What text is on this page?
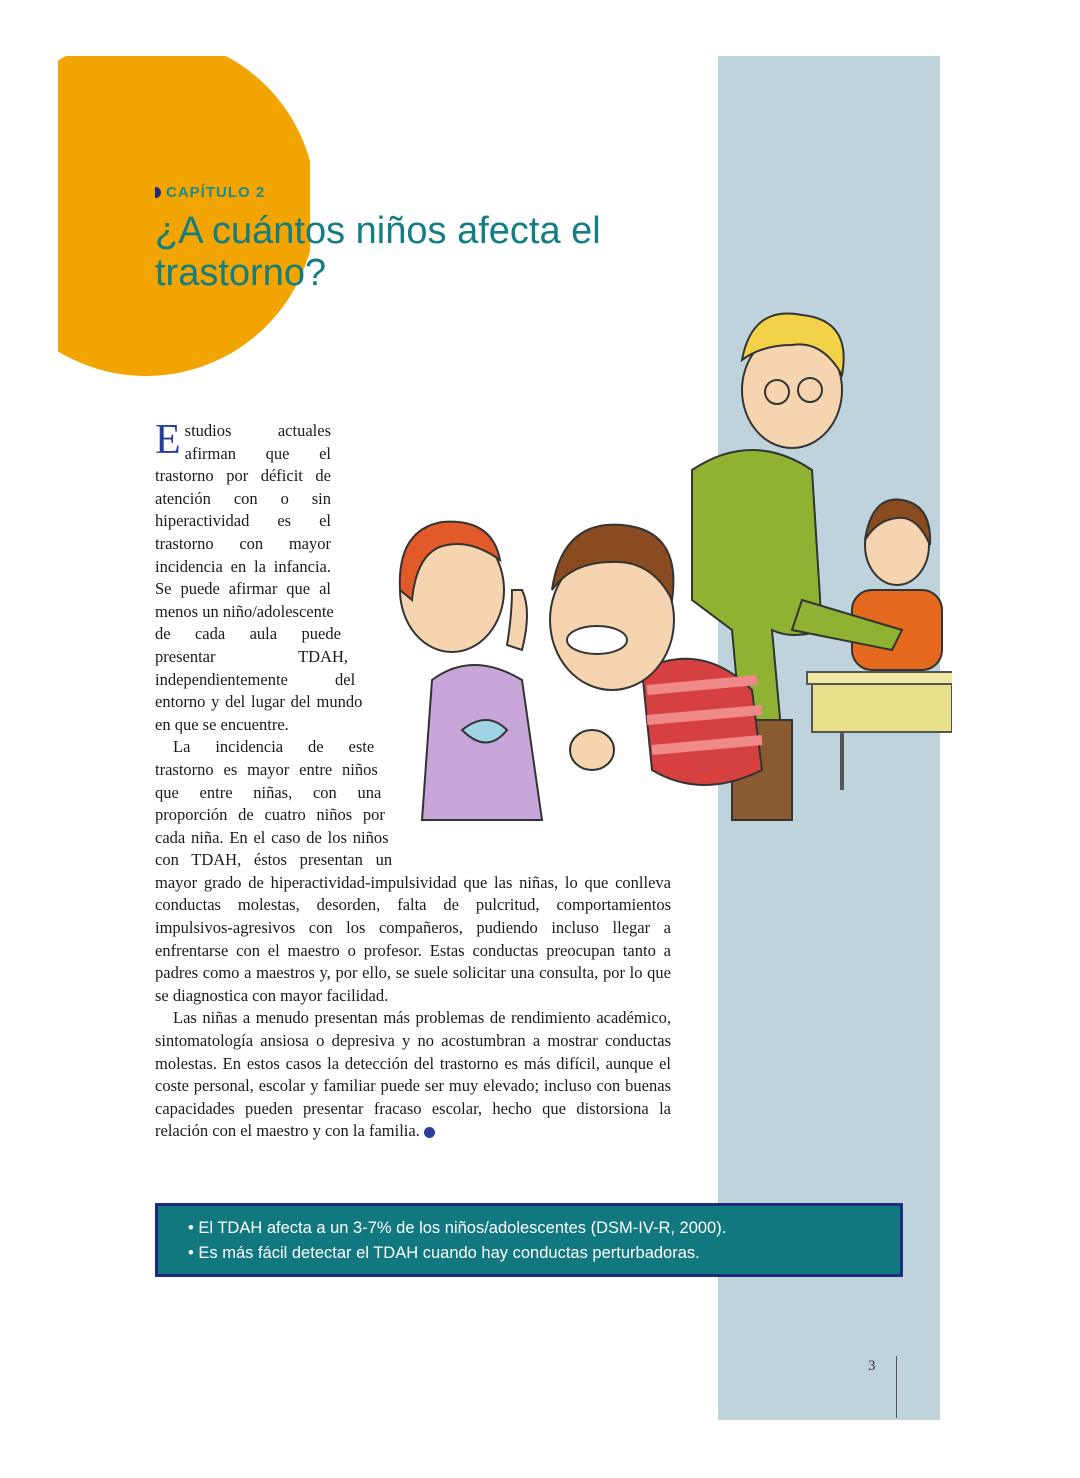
CAPÍTULO 2
¿A cuántos niños afecta el trastorno?

Estudios actuales afirman que el trastorno por déficit de atención con o sin hiperactividad es el trastorno con mayor incidencia en la infancia. Se puede afirmar que al menos un niño/adolescente de cada aula puede presentar TDAH, independientemente del entorno y del lugar del mundo en que se encuentre.

La incidencia de este trastorno es mayor entre niños que entre niñas, con una proporción de cuatro niños por cada niña. En el caso de los niños con TDAH, éstos presentan un mayor grado de hiperactividad-impulsividad que las niñas, lo que conlleva conductas molestas, desorden, falta de pulcritud, comportamientos impulsivos-agresivos con los compañeros, pudiendo incluso llegar a enfrentarse con el maestro o profesor. Estas conductas preocupan tanto a padres como a maestros y, por ello, se suele solicitar una consulta, por lo que se diagnostica con mayor facilidad.

Las niñas a menudo presentan más problemas de rendimiento académico, sintomatología ansiosa o depresiva y no acostumbran a mostrar conductas molestas. En estos casos la detección del trastorno es más difícil, aunque el coste personal, escolar y familiar puede ser muy elevado; incluso con buenas capacidades pueden presentar fracaso escolar, hecho que distorsiona la relación con el maestro y con la familia.

• El TDAH afecta a un 3-7% de los niños/adolescentes (DSM-IV-R, 2000).
• Es más fácil detectar el TDAH cuando hay conductas perturbadoras.
3
